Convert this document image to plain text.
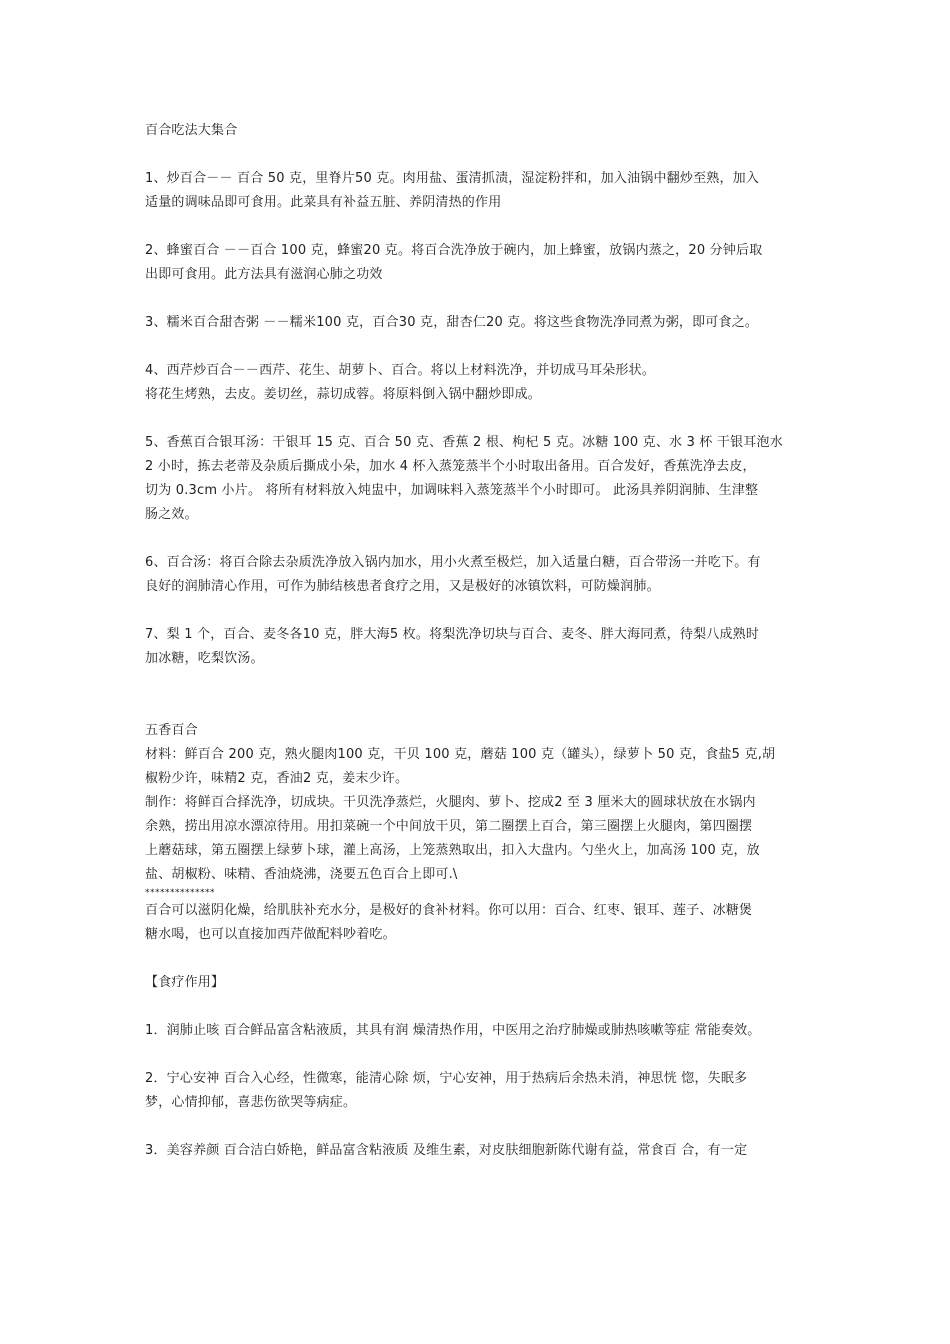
百合吃法大集合
1、炒百合－－ 百合 50 克，里脊片50 克。肉用盐、蛋清抓渍，湿淀粉拌和，加入油锅中翻炒至熟，加入
适量的调味品即可食用。此菜具有补益五脏、养阴清热的作用
2、蜂蜜百合 －－百合 100 克，蜂蜜20 克。将百合洗净放于碗内，加上蜂蜜，放锅内蒸之，20 分钟后取
出即可食用。此方法具有滋润心肺之功效
3、糯米百合甜杏粥 －－糯米100 克，百合30 克，甜杏仁20 克。将这些食物洗净同煮为粥，即可食之。
4、西芹炒百合－－西芹、花生、胡萝卜、百合。将以上材料洗净，并切成马耳朵形状。
将花生烤熟，去皮。姜切丝，蒜切成蓉。将原料倒入锅中翻炒即成。
5、香蕉百合银耳汤：干银耳 15 克、百合 50 克、香蕉 2 根、枸杞 5 克。冰糖 100 克、水 3 杯 干银耳泡水
2 小时，拣去老蒂及杂质后撕成小朵，加水 4 杯入蒸笼蒸半个小时取出备用。百合发好，香蕉洗净去皮，
切为 0.3cm 小片。 将所有材料放入炖盅中，加调味料入蒸笼蒸半个小时即可。 此汤具养阴润肺、生津整
肠之效。
6、百合汤：将百合除去杂质洗净放入锅内加水，用小火煮至极烂，加入适量白糖，百合带汤一并吃下。有
良好的润肺清心作用，可作为肺结核患者食疗之用，又是极好的冰镇饮料，可防燥润肺。
7、梨 1 个，百合、麦冬各10 克，胖大海5 枚。将梨洗净切块与百合、麦冬、胖大海同煮，待梨八成熟时
加冰糖，吃梨饮汤。
五香百合
材料：鲜百合 200 克，熟火腿肉100 克，干贝 100 克，蘑菇 100 克（罐头），绿萝卜 50 克，食盐5 克,胡
椒粉少许，味精2 克，香油2 克，姜末少许。
制作：将鲜百合择洗净，切成块。干贝洗净蒸烂，火腿肉、萝卜、挖成2 至 3 厘米大的圆球状放在水锅内
余熟，捞出用凉水漂凉待用。用扣菜碗一个中间放干贝，第二圈摆上百合，第三圈摆上火腿肉，第四圈摆
上蘑菇球，第五圈摆上绿萝卜球，灌上高汤，上笼蒸熟取出，扣入大盘内。勺坐火上，加高汤 100 克，放
盐、胡椒粉、味精、香油烧沸，浇要五色百合上即可.\
**************
百合可以滋阴化燥，给肌肤补充水分，是极好的食补材料。你可以用：百合、红枣、银耳、莲子、冰糖煲
糖水喝，也可以直接加西芹做配料吵着吃。
【食疗作用】
1．润肺止咳 百合鲜品富含粘液质，其具有润 燥清热作用，中医用之治疗肺燥或肺热咳嗽等症 常能奏效。
2．宁心安神 百合入心经，性微寒，能清心除 烦，宁心安神，用于热病后余热未消，神思恍 惚，失眠多
梦，心情抑郁，喜悲伤欲哭等病症。
3．美容养颜 百合洁白娇艳，鲜品富含粘液质 及维生素，对皮肤细胞新陈代谢有益，常食百 合，有一定
